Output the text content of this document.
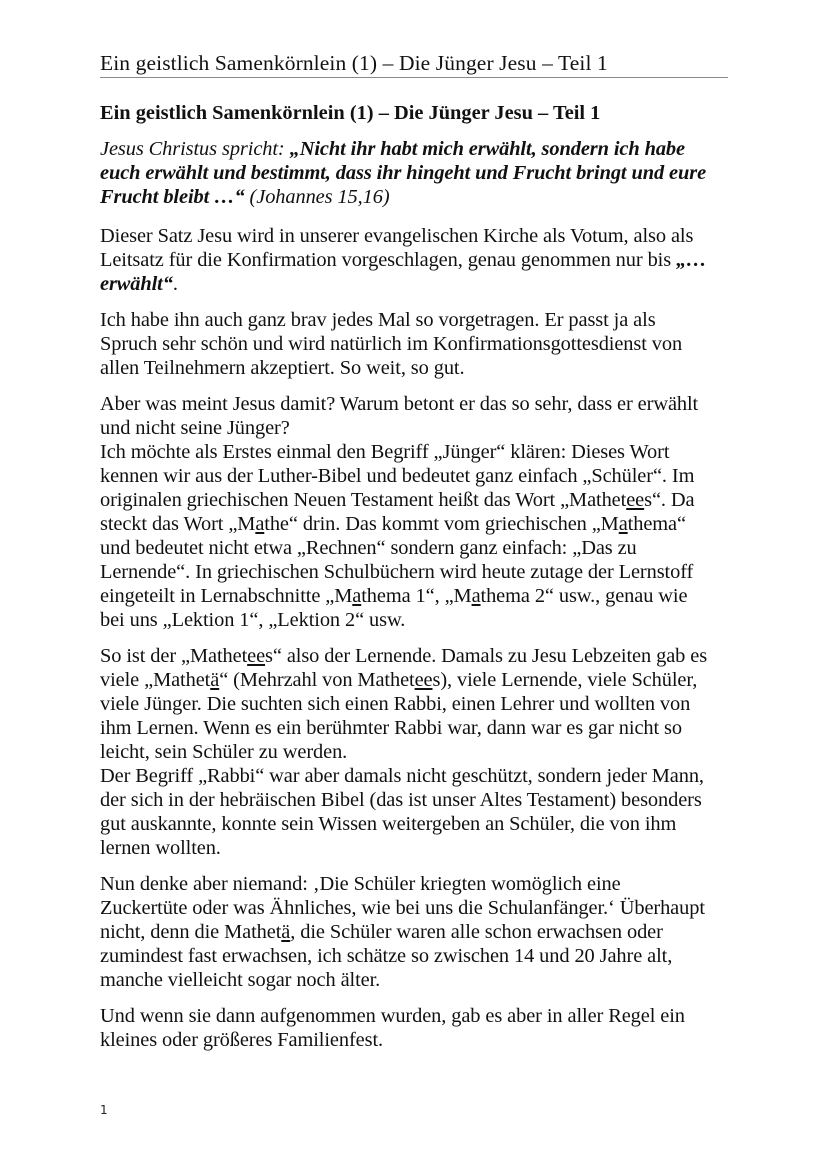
Ein geistlich Samenkörnlein (1) – Die Jünger Jesu – Teil 1
Ein geistlich Samenkörnlein (1) – Die Jünger Jesu – Teil 1

Jesus Christus spricht: „Nicht ihr habt mich erwählt, sondern ich habe
euch erwählt und bestimmt, dass ihr hingeht und Frucht bringt und eure
Frucht bleibt …“ (Johannes 15,16)

Dieser Satz Jesu wird in unserer evangelischen Kirche als Votum, also als
Leitsatz für die Konfirmation vorgeschlagen, genau genommen nur bis „…
erwählt“.

Ich habe ihn auch ganz brav jedes Mal so vorgetragen. Er passt ja als
Spruch sehr schön und wird natürlich im Konfirmationsgottesdienst von
allen Teilnehmern akzeptiert. So weit, so gut.

Aber was meint Jesus damit? Warum betont er das so sehr, dass er erwählt
und nicht seine Jünger?
Ich möchte als Erstes einmal den Begriff „Jünger“ klären: Dieses Wort
kennen wir aus der Luther-Bibel und bedeutet ganz einfach „Schüler“. Im
originalen griechischen Neuen Testament heißt das Wort „Mathetees“. Da
steckt das Wort „Mathe“ drin. Das kommt vom griechischen „Mathema“
und bedeutet nicht etwa „Rechnen“ sondern ganz einfach: „Das zu
Lernende“. In griechischen Schulbüchern wird heute zutage der Lernstoff
eingeteilt in Lernabschnitte „Mathema 1“, „Mathema 2“ usw., genau wie
bei uns „Lektion 1“, „Lektion 2“ usw.

So ist der „Mathetees“ also der Lernende. Damals zu Jesu Lebzeiten gab es
viele „Mathetä“ (Mehrzahl von Mathetees), viele Lernende, viele Schüler,
viele Jünger. Die suchten sich einen Rabbi, einen Lehrer und wollten von
ihm Lernen. Wenn es ein berühmter Rabbi war, dann war es gar nicht so
leicht, sein Schüler zu werden.
Der Begriff „Rabbi“ war aber damals nicht geschützt, sondern jeder Mann,
der sich in der hebräischen Bibel (das ist unser Altes Testament) besonders
gut auskannte, konnte sein Wissen weitergeben an Schüler, die von ihm
lernen wollten.

Nun denke aber niemand: ‚Die Schüler kriegten womöglich eine
Zuckertüte oder was Ähnliches, wie bei uns die Schulanfänger.‘ Überhaupt
nicht, denn die Mathetä, die Schüler waren alle schon erwachsen oder
zumindest fast erwachsen, ich schätze so zwischen 14 und 20 Jahre alt,
manche vielleicht sogar noch älter.

Und wenn sie dann aufgenommen wurden, gab es aber in aller Regel ein
kleines oder größeres Familienfest.

1
